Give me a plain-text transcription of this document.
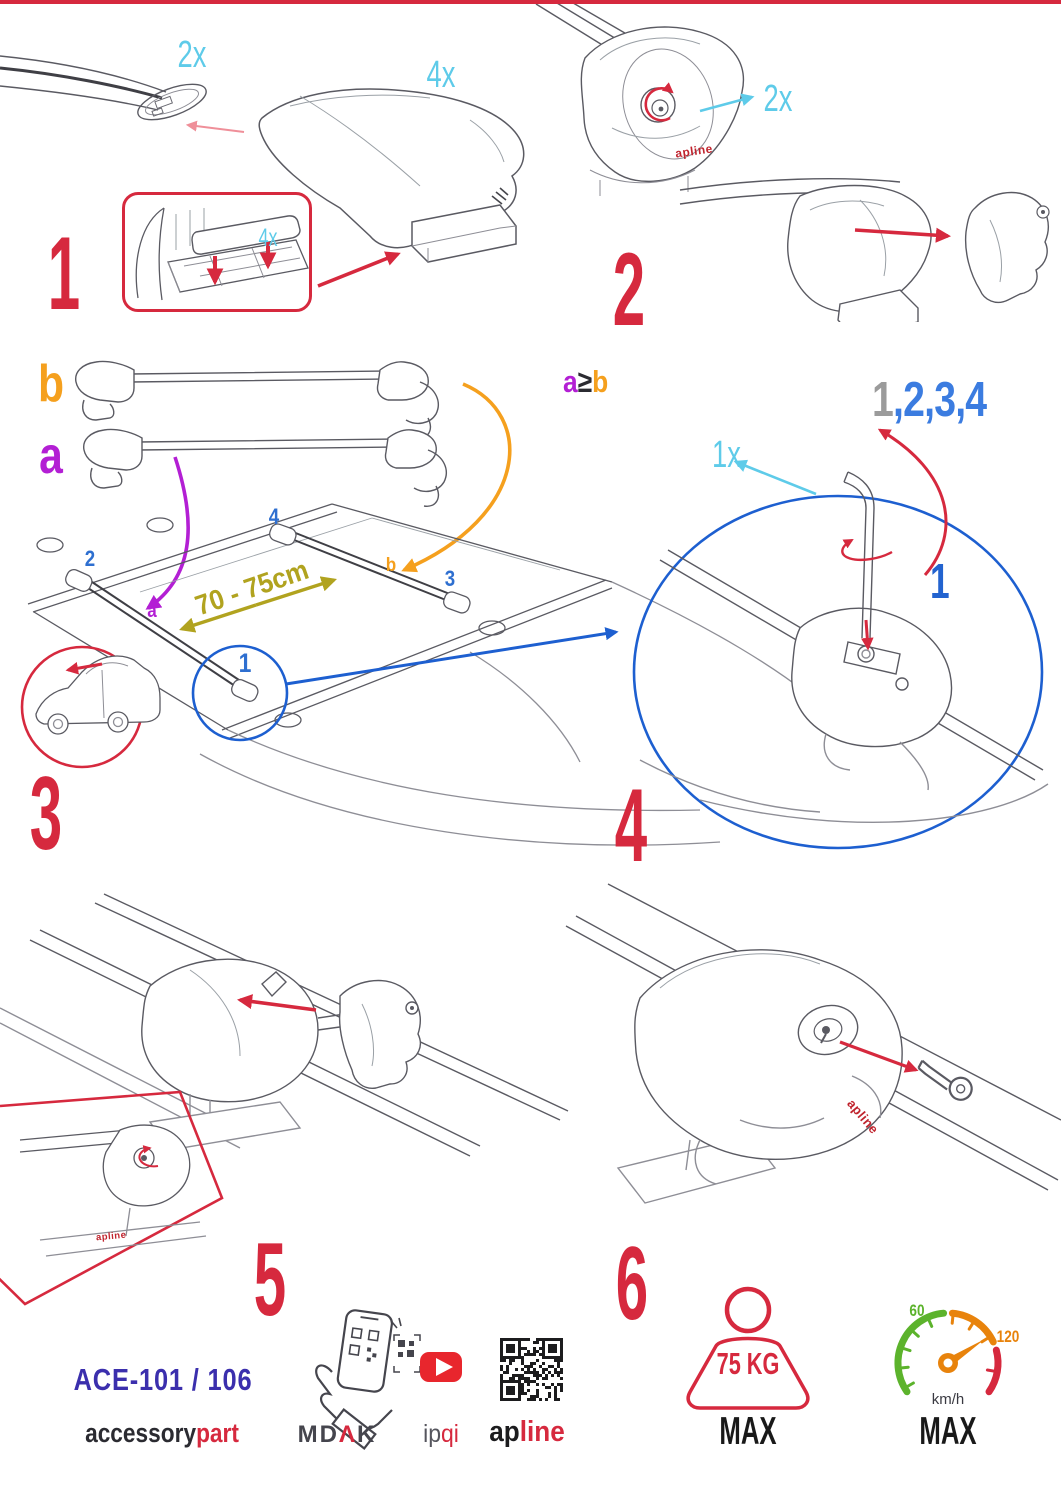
2x	4x
4x
1
2x
apline
2
b
a
2
4
3
1
a
b
70 - 75cm
3
a≥b	1,2,3,4
1x
1
4
5
apline	6
apline
ACE-101 / 106
accessorypart MDΛK ipqi apline
75 KG
MAX
60
120
km/h
MAX
